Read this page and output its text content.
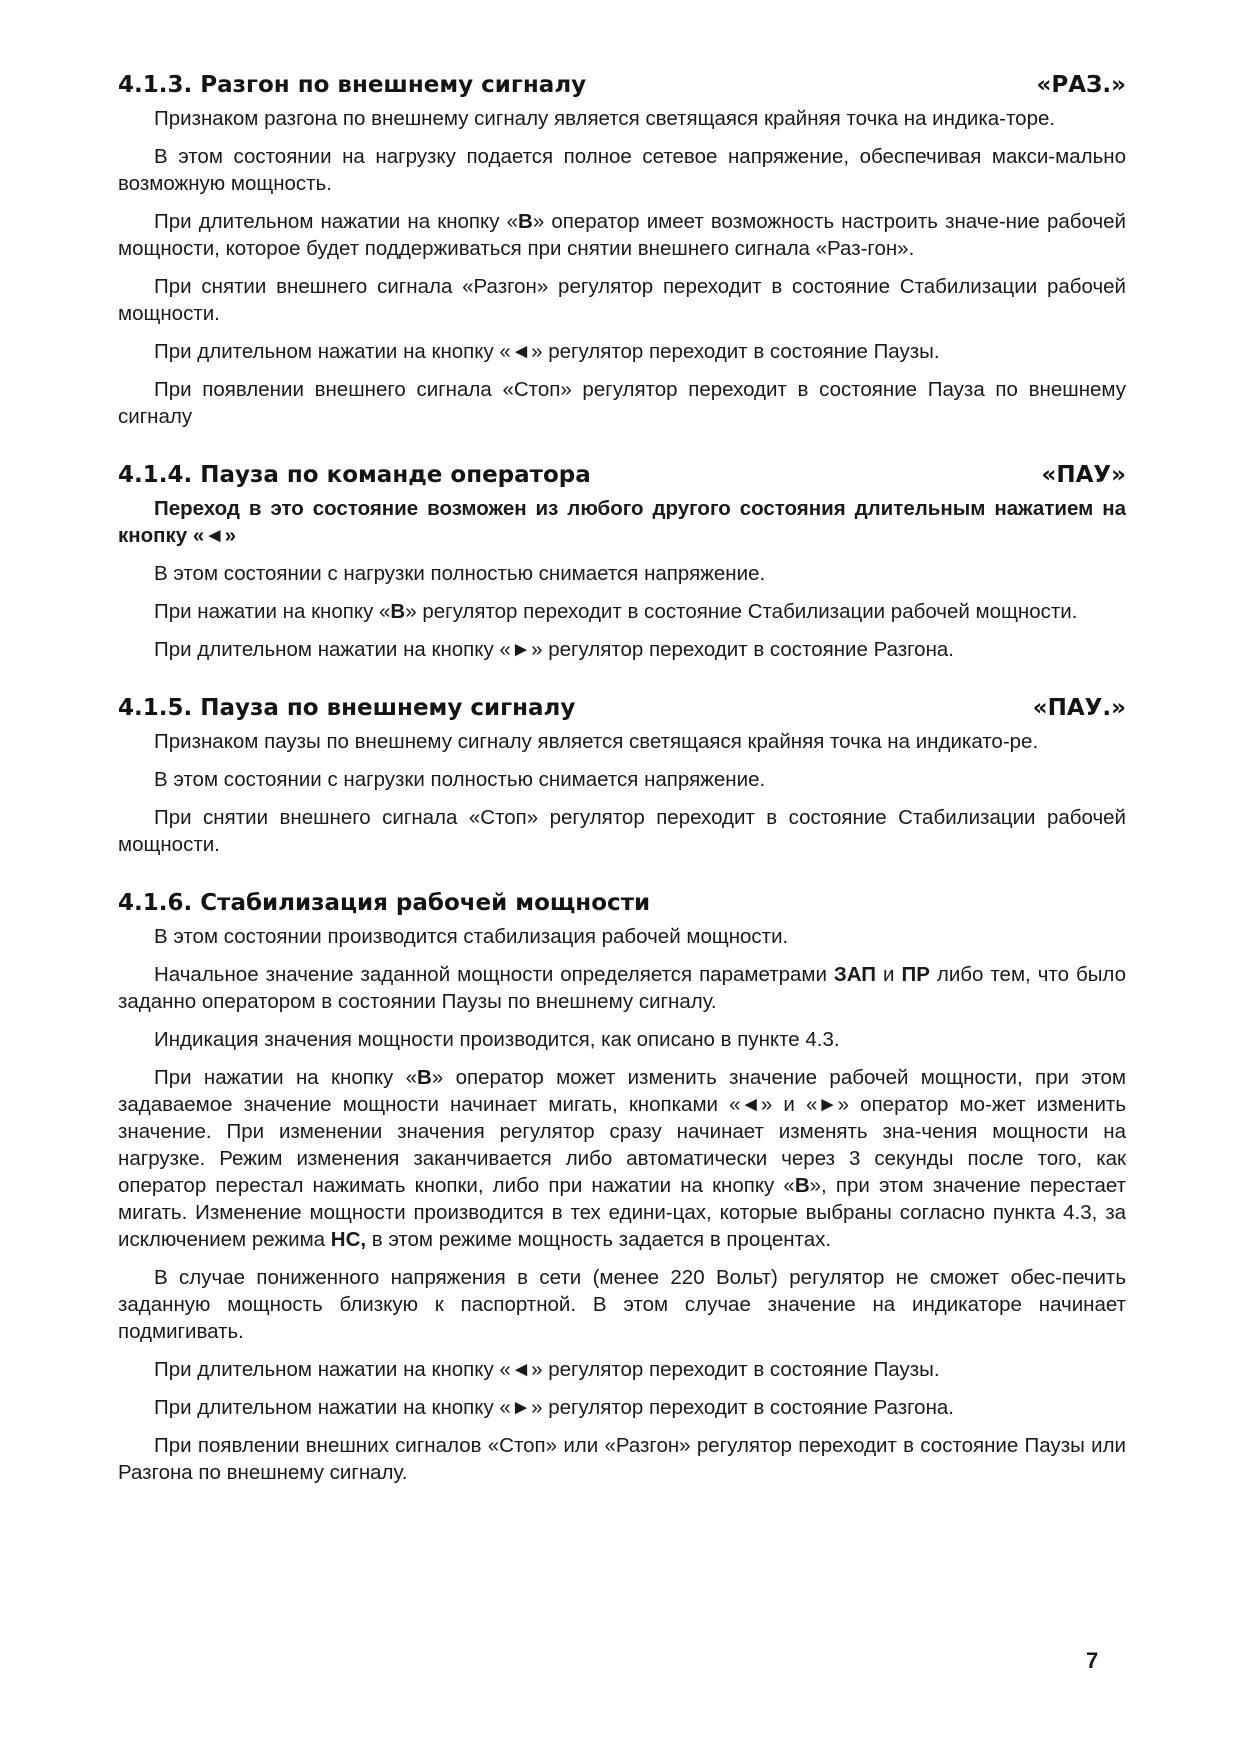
4.1.3. Разгон по внешнему сигналу	«РАЗ.»

Признаком разгона по внешнему сигналу является светящаяся крайняя точка на индика-тоpe.

В этом состоянии на нагрузку подается полное сетевое напряжение, обеспечивая макси-мально возможную мощность.

При длительном нажатии на кнопку «В» оператор имеет возможность настроить значе-ние рабочей мощности, которое будет поддерживаться при снятии внешнего сигнала «Раз-гон».

При снятии внешнего сигнала «Разгон» регулятор переходит в состояние Стабилизации рабочей мощности.

При длительном нажатии на кнопку «◄» регулятор переходит в состояние Паузы.

При появлении внешнего сигнала «Стоп» регулятор переходит в состояние Пауза по внешнему сигналу

4.1.4. Пауза по команде оператора	«ПАУ»

Переход в это состояние возможен из любого другого состояния длительным нажатием на кнопку «◄»

В этом состоянии с нагрузки полностью снимается напряжение.

При нажатии на кнопку «В» регулятор переходит в состояние Стабилизации рабочей мощности.

При длительном нажатии на кнопку «►» регулятор переходит в состояние Разгона.

4.1.5. Пауза по внешнему сигналу	«ПАУ.»

Признаком паузы по внешнему сигналу является светящаяся крайняя точка на индикато-ре.

В этом состоянии с нагрузки полностью снимается напряжение.

При снятии внешнего сигнала «Стоп» регулятор переходит в состояние Стабилизации рабочей мощности.

4.1.6. Стабилизация рабочей мощности

В этом состоянии производится стабилизация рабочей мощности.

Начальное значение заданной мощности определяется параметрами ЗАП и ПР либо тем, что было заданно оператором в состоянии Паузы по внешнему сигналу.

Индикация значения мощности производится, как описано в пункте 4.3.

При нажатии на кнопку «В» оператор может изменить значение рабочей мощности, при этом задаваемое значение мощности начинает мигать, кнопками «◄» и «►» оператор мо-жет изменить значение. При изменении значения регулятор сразу начинает изменять зна-чения мощности на нагрузке. Режим изменения заканчивается либо автоматически через 3 секунды после того, как оператор перестал нажимать кнопки, либо при нажатии на кнопку «В», при этом значение перестает мигать. Изменение мощности производится в тех едини-цах, которые выбраны согласно пункта 4.3, за исключением режима НС, в этом режиме мощность задается в процентах.

В случае пониженного напряжения в сети (менее 220 Вольт) регулятор не сможет обес-печить заданную мощность близкую к паспортной. В этом случае значение на индикаторе начинает подмигивать.

При длительном нажатии на кнопку «◄» регулятор переходит в состояние Паузы.

При длительном нажатии на кнопку «►» регулятор переходит в состояние Разгона.

При появлении внешних сигналов «Стоп» или «Разгон» регулятор переходит в состояние Паузы или Разгона по внешнему сигналу.

7
